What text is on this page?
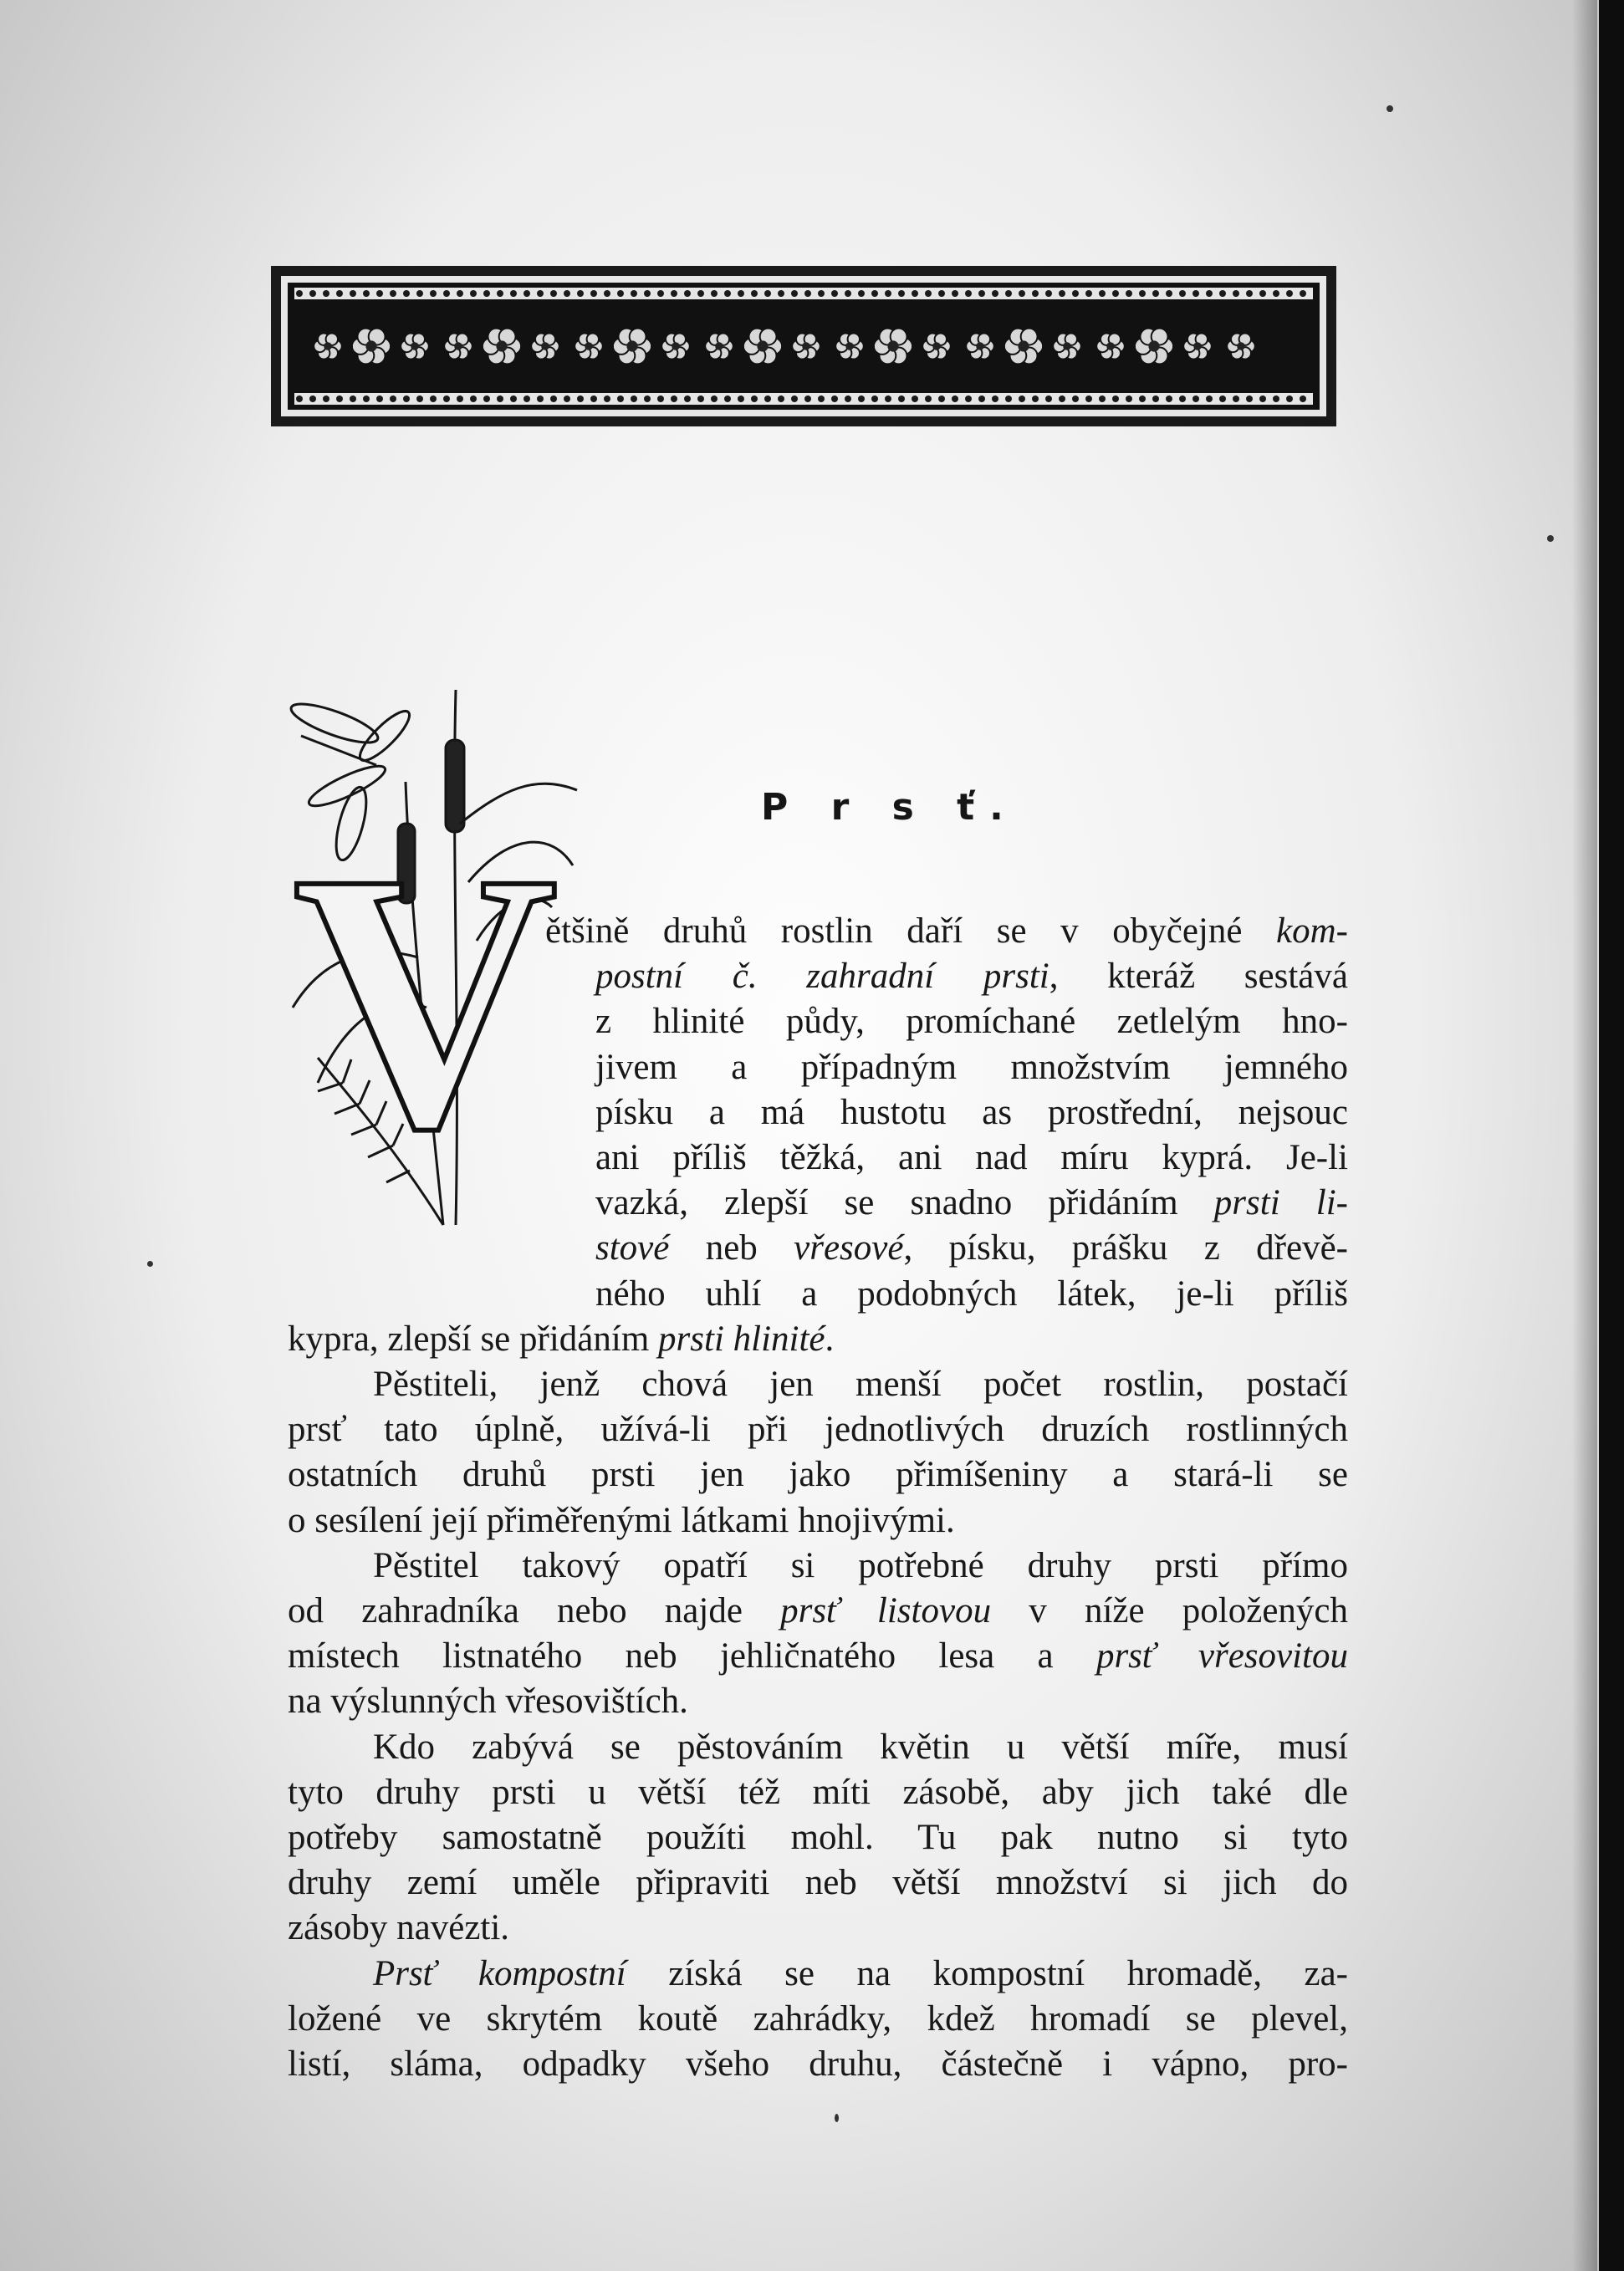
V	P r s ť.
ětšině druhů rostlin daří se v obyčejné kom-
postní č. zahradní prsti, kteráž sestává
z hlinité půdy, promíchané zetlelým hno-
jivem a případným množstvím jemného
písku a má hustotu as prostřední, nejsouc
ani příliš těžká, ani nad míru kyprá. Je-li
vazká, zlepší se snadno přidáním prsti li-
stové neb vřesové, písku, prášku z dřevě-
ného uhlí a podobných látek, je-li příliš
kypra, zlepší se přidáním prsti hlinité.
Pěstiteli, jenž chová jen menší počet rostlin, postačí
prsť tato úplně, užívá-li při jednotlivých druzích rostlinných
ostatních druhů prsti jen jako přimíšeniny a stará-li se
o sesílení její přiměřenými látkami hnojivými.
Pěstitel takový opatří si potřebné druhy prsti přímo
od zahradníka nebo najde prsť listovou v níže položených
místech listnatého neb jehličnatého lesa a prsť vřesovitou
na výslunných vřesovištích.
Kdo zabývá se pěstováním květin u větší míře, musí
tyto druhy prsti u větší též míti zásobě, aby jich také dle
potřeby samostatně použíti mohl. Tu pak nutno si tyto
druhy zemí uměle připraviti neb větší množství si jich do
zásoby navézti.
Prsť kompostní získá se na kompostní hromadě, za-
ložené ve skrytém koutě zahrádky, kdež hromadí se plevel,
listí, sláma, odpadky všeho druhu, částečně i vápno, pro-
